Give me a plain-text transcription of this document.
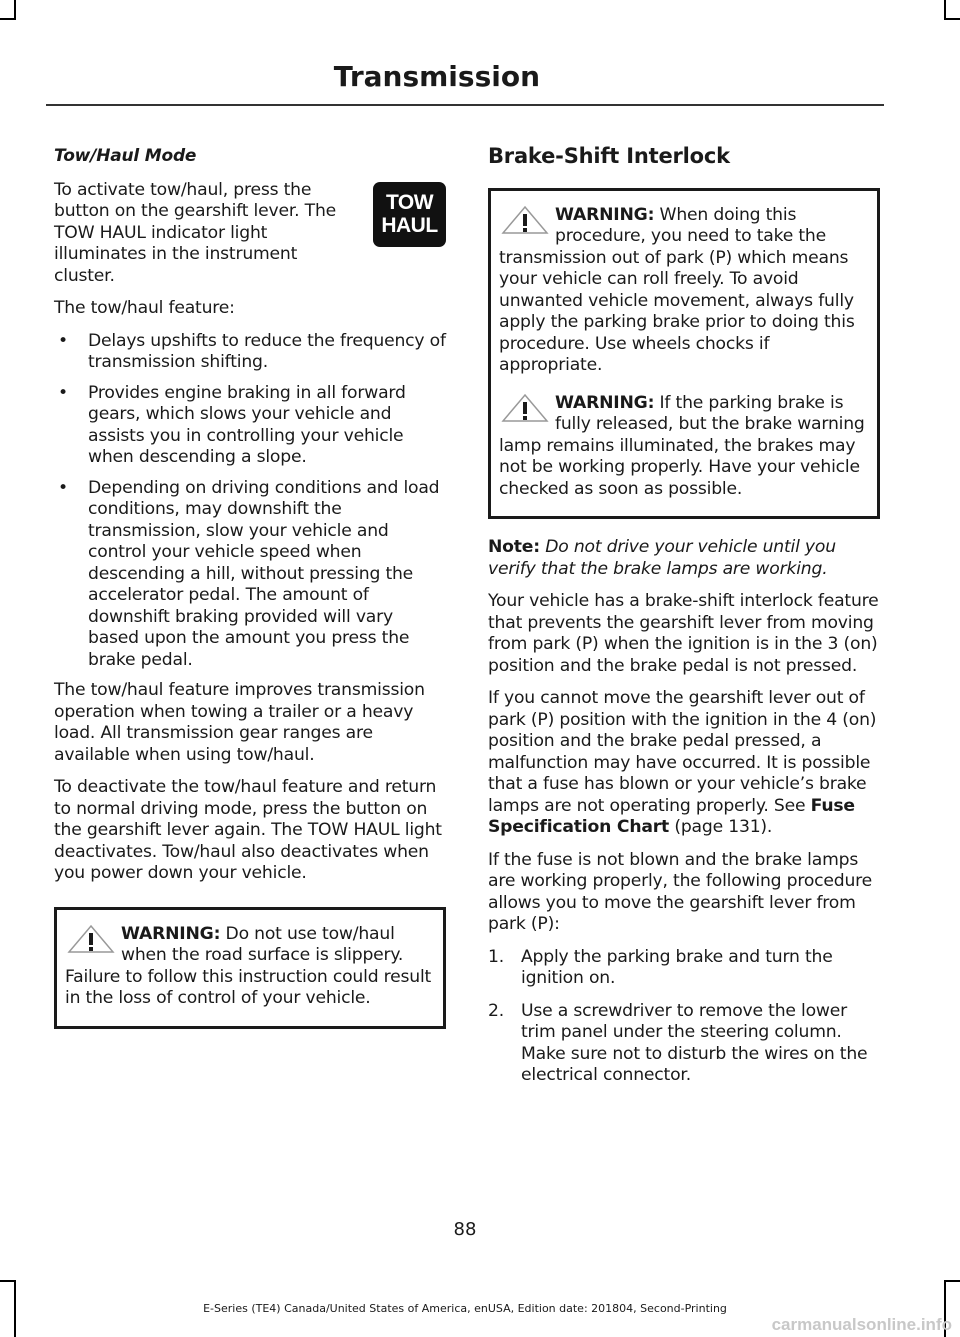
Transmission
Tow/Haul Mode
TOW
HAUL

To activate tow/haul, press the button on the gearshift lever. The TOW HAUL indicator light illuminates in the instrument cluster.

The tow/haul feature:

• Delays upshifts to reduce the frequency of transmission shifting.
• Provides engine braking in all forward gears, which slows your vehicle and assists you in controlling your vehicle when descending a slope.
• Depending on driving conditions and load conditions, may downshift the transmission, slow your vehicle and control your vehicle speed when descending a hill, without pressing the accelerator pedal. The amount of downshift braking provided will vary based upon the amount you press the brake pedal.

The tow/haul feature improves transmission operation when towing a trailer or a heavy load. All transmission gear ranges are available when using tow/haul.

To deactivate the tow/haul feature and return to normal driving mode, press the button on the gearshift lever again. The TOW HAUL light deactivates. Tow/haul also deactivates when you power down your vehicle.

WARNING: Do not use tow/haul when the road surface is slippery. Failure to follow this instruction could result in the loss of control of your vehicle.
Brake-Shift Interlock
WARNING: When doing this procedure, you need to take the transmission out of park (P) which means your vehicle can roll freely. To avoid unwanted vehicle movement, always fully apply the parking brake prior to doing this procedure. Use wheels chocks if appropriate.
WARNING: If the parking brake is fully released, but the brake warning lamp remains illuminated, the brakes may not be working properly. Have your vehicle checked as soon as possible.

Note: Do not drive your vehicle until you verify that the brake lamps are working.

Your vehicle has a brake-shift interlock feature that prevents the gearshift lever from moving from park (P) when the ignition is in the 3 (on) position and the brake pedal is not pressed.

If you cannot move the gearshift lever out of park (P) position with the ignition in the 4 (on) position and the brake pedal pressed, a malfunction may have occurred. It is possible that a fuse has blown or your vehicle’s brake lamps are not operating properly. See Fuse Specification Chart (page 131).

If the fuse is not blown and the brake lamps are working properly, the following procedure allows you to move the gearshift lever from park (P):

1. Apply the parking brake and turn the ignition on.
2. Use a screwdriver to remove the lower trim panel under the steering column. Make sure not to disturb the wires on the electrical connector.
88
E-Series (TE4) Canada/United States of America, enUSA, Edition date: 201804, Second-Printing
carmanualsonline.info
